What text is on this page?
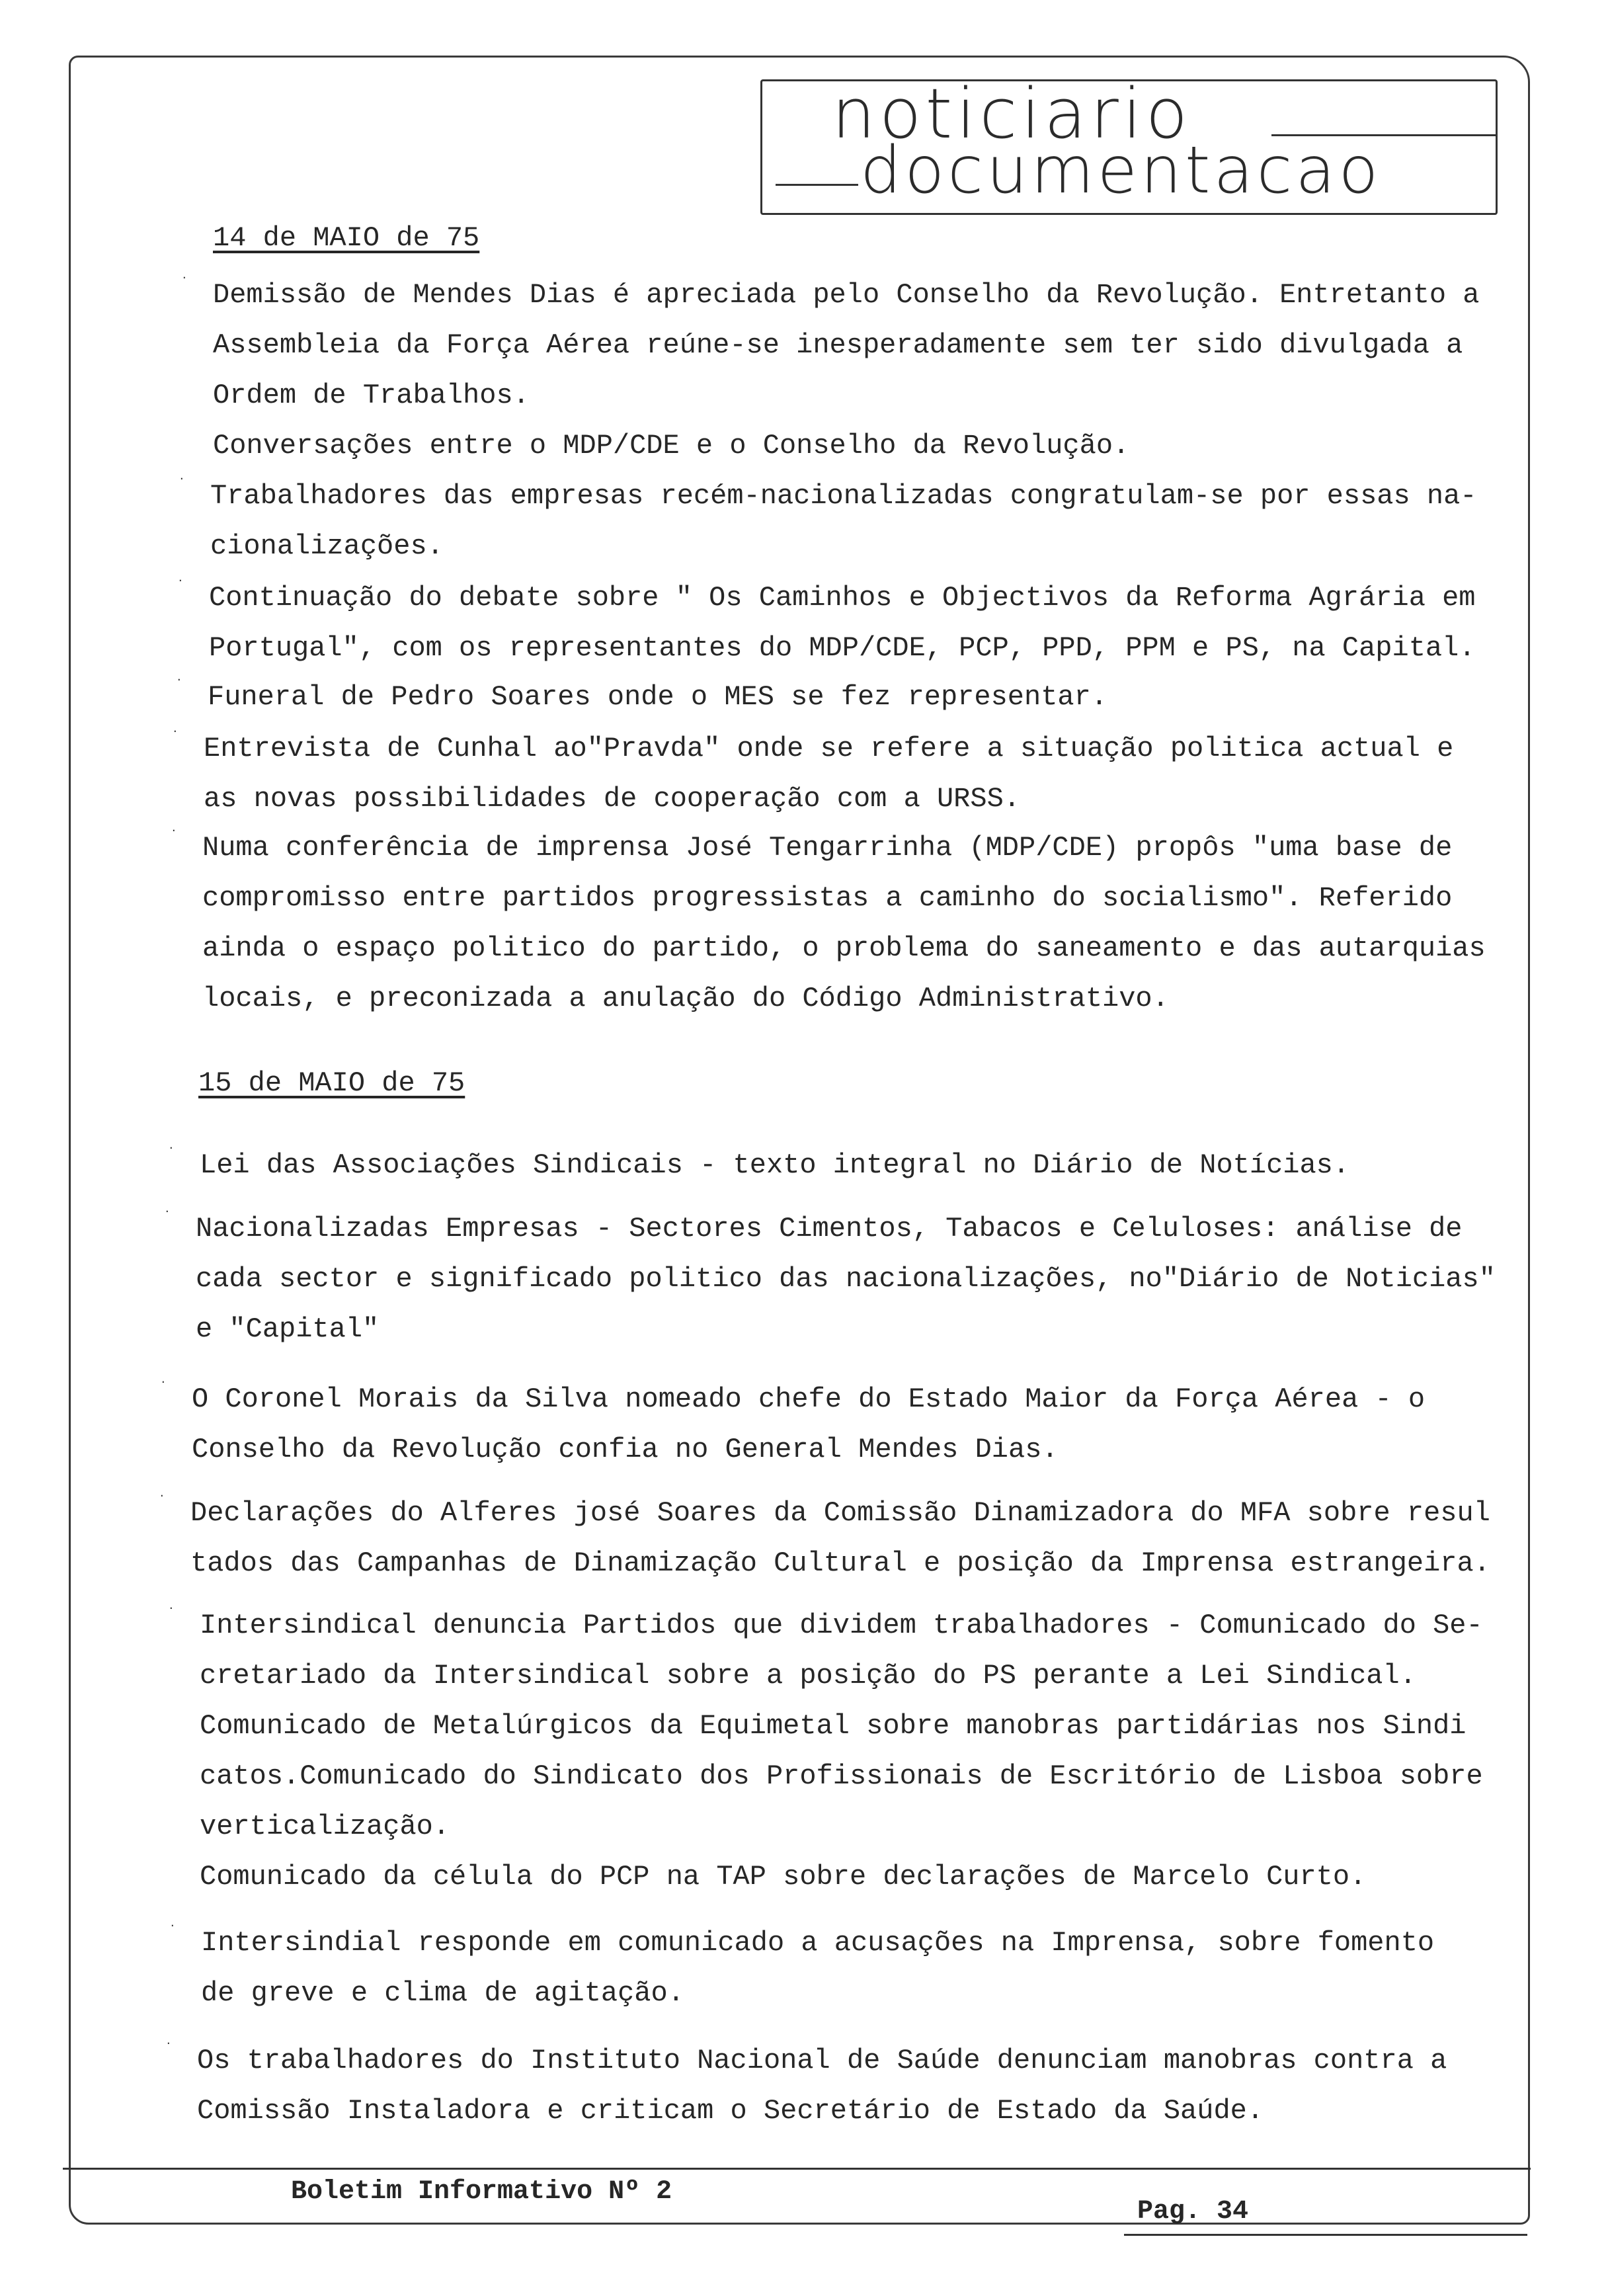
noticiario
documentacao
14 de MAIO de 75
.
Demissão de Mendes Dias é apreciada pelo Conselho da Revolução. Entretanto a
Assembleia da Força Aérea reúne-se inesperadamente sem ter sido divulgada a
Ordem de Trabalhos.
Conversações entre o MDP/CDE e o Conselho da Revolução.
.
Trabalhadores das empresas recém-nacionalizadas congratulam-se por essas na-
cionalizações.
.
Continuação do debate sobre " Os Caminhos e Objectivos da Reforma Agrária em
Portugal", com os representantes do MDP/CDE, PCP, PPD, PPM e PS, na Capital.
.
Funeral de Pedro Soares onde o MES se fez representar.
.
Entrevista de Cunhal ao"Pravda" onde se refere a situação politica actual e
as novas possibilidades de cooperação com a URSS.
.
Numa conferência de imprensa José Tengarrinha (MDP/CDE) propôs "uma base de
compromisso entre partidos progressistas a caminho do socialismo". Referido
ainda o espaço politico do partido, o problema do saneamento e das autarquias
locais, e preconizada a anulação do Código Administrativo.
15 de MAIO de 75
.
Lei das Associações Sindicais - texto integral no Diário de Notícias.
.
Nacionalizadas Empresas - Sectores Cimentos, Tabacos e Celuloses: análise de
cada sector e significado politico das nacionalizações, no"Diário de Noticias"
e "Capital"
.
O Coronel Morais da Silva nomeado chefe do Estado Maior da Força Aérea - o
Conselho da Revolução confia no General Mendes Dias.
.
Declarações do Alferes josé Soares da Comissão Dinamizadora do MFA sobre resul
tados das Campanhas de Dinamização Cultural e posição da Imprensa estrangeira.
.
Intersindical denuncia Partidos que dividem trabalhadores - Comunicado do Se-
cretariado da Intersindical sobre a posição do PS perante a Lei Sindical.
Comunicado de Metalúrgicos da Equimetal sobre manobras partidárias nos Sindi
catos.Comunicado do Sindicato dos Profissionais de Escritório de Lisboa sobre
verticalização.
Comunicado da célula do PCP na TAP sobre declarações de Marcelo Curto.
.
Intersindial responde em comunicado a acusações na Imprensa, sobre fomento
de greve e clima de agitação.
.
Os trabalhadores do Instituto Nacional de Saúde denunciam manobras contra a
Comissão Instaladora e criticam o Secretário de Estado da Saúde.
Boletim Informativo Nº 2
Pag. 34
